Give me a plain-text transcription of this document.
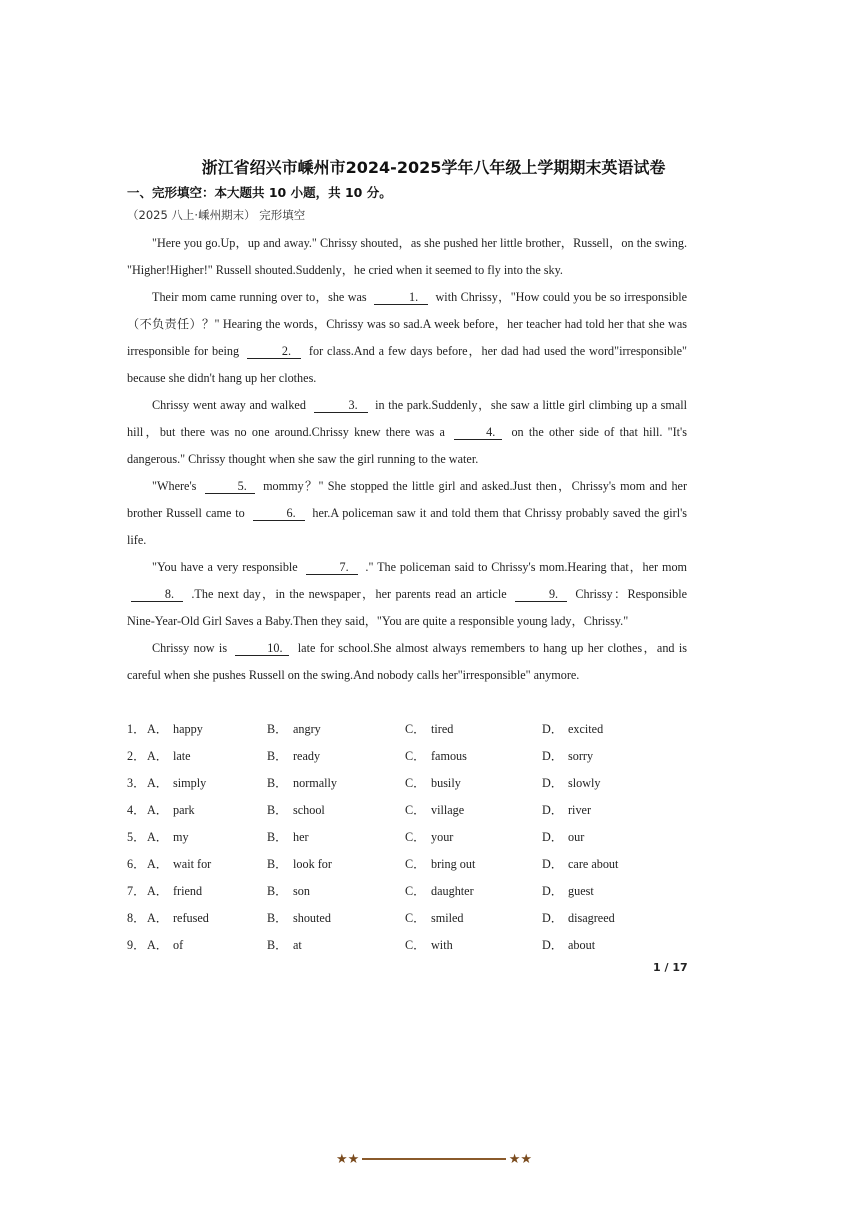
浙江省绍兴市嵊州市2024-2025学年八年级上学期期末英语试卷
一、完形填空：本大题共 10 小题，共 10 分。
（2025 八上·嵊州期末） 完形填空

"Here you go.Up，up and away." Chrissy shouted，as she pushed her little brother，Russell，on the swing. "Higher!Higher!" Russell shouted.Suddenly，he cried when it seemed to fly into the sky.

Their mom came running over to，she was	1. with Chrissy，"How could you be so irresponsible （不负责任）？" Hearing the words，Chrissy was so sad.A week before，her teacher had told her that she was irresponsible for being	2. for class.And a few days before，her dad had used the word"irresponsible" because she didn't hang up her clothes.

Chrissy went away and walked	3. in the park.Suddenly，she saw a little girl climbing up a small hill，but there was no one around.Chrissy knew there was a	4. on the other side of that hill. "It's dangerous." Chrissy thought when she saw the girl running to the water.

"Where's	5. mommy？" She stopped the little girl and asked.Just then，Chrissy's mom and her brother Russell came to	6. her.A policeman saw it and told them that Chrissy probably saved the girl's life.

"You have a very responsible	7. ." The policeman said to Chrissy's mom.Hearing that，her mom 8. .The next day，in the newspaper，her parents read an article	9. Chrissy：Responsible Nine-Year-Old Girl Saves a Baby.Then they said，"You are quite a responsible young lady，Chrissy."

Chrissy now is	10. late for school.She almost always remembers to hang up her clothes，and is careful when she pushes Russell on the swing.And nobody calls her"irresponsible" anymore.

1． A． happy	B． angry	C． tired	D． excited
2． A． late	B． ready	C． famous	D． sorry
3． A． simply	B． normally	C． busily	D． slowly
4． A． park	B． school	C． village	D． river
5． A． my	B． her	C． your	D． our
6． A． wait for	B． look for	C． bring out	D． care about
7． A． friend	B． son	C． daughter	D． guest
8． A． refused	B． shouted	C． smiled	D． disagreed
9． A． of	B． at	C． with	D． about
1 / 17
★★	★★
